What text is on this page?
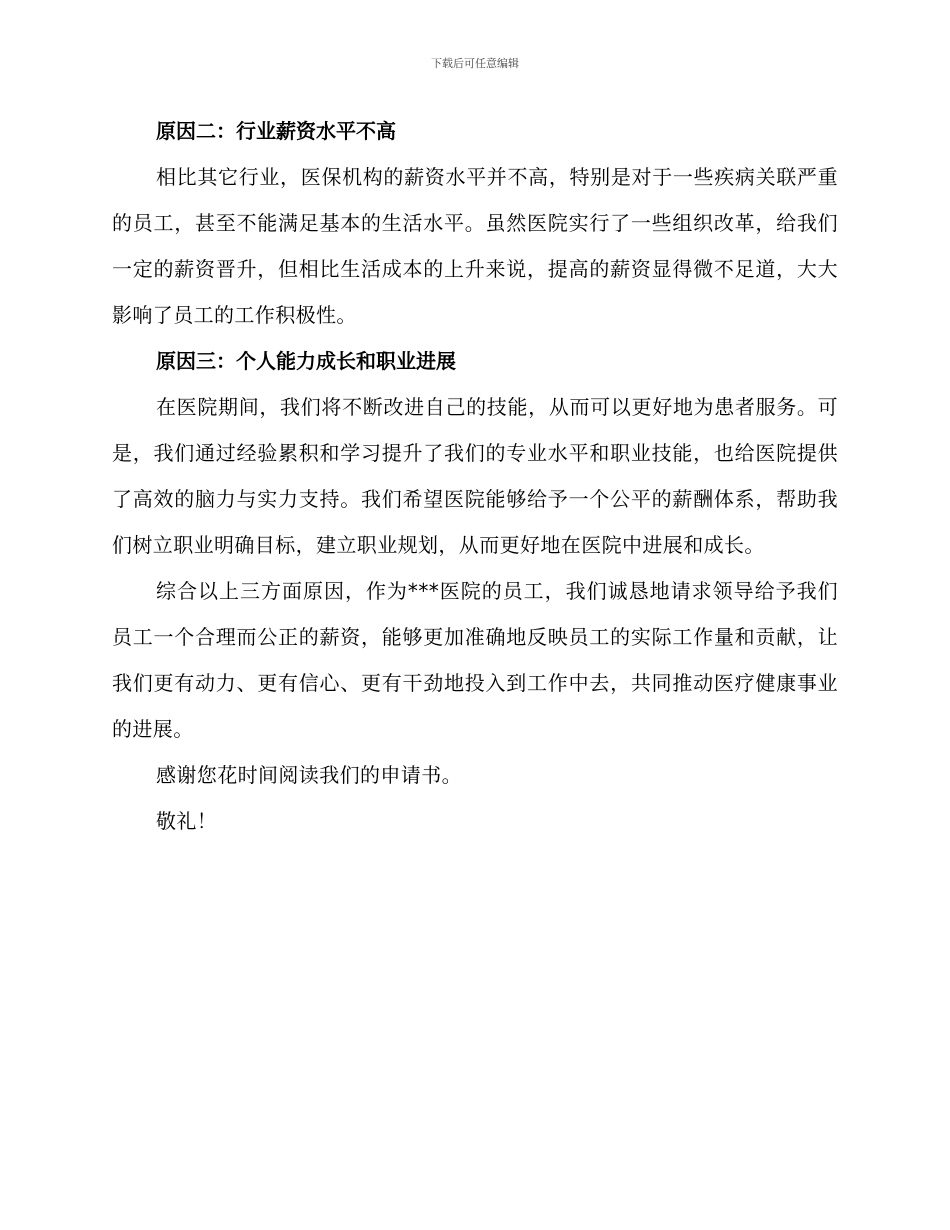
下载后可任意编辑

原因二：行业薪资水平不高

相比其它行业，医保机构的薪资水平并不高，特别是对于一些疾病关联严重的员工，甚至不能满足基本的生活水平。虽然医院实行了一些组织改革，给我们一定的薪资晋升，但相比生活成本的上升来说，提高的薪资显得微不足道，大大影响了员工的工作积极性。

原因三：个人能力成长和职业进展

在医院期间，我们将不断改进自己的技能，从而可以更好地为患者服务。可是，我们通过经验累积和学习提升了我们的专业水平和职业技能，也给医院提供了高效的脑力与实力支持。我们希望医院能够给予一个公平的薪酬体系，帮助我们树立职业明确目标，建立职业规划，从而更好地在医院中进展和成长。

综合以上三方面原因，作为***医院的员工，我们诚恳地请求领导给予我们员工一个合理而公正的薪资，能够更加准确地反映员工的实际工作量和贡献，让我们更有动力、更有信心、更有干劲地投入到工作中去，共同推动医疗健康事业的进展。

感谢您花时间阅读我们的申请书。

敬礼！
